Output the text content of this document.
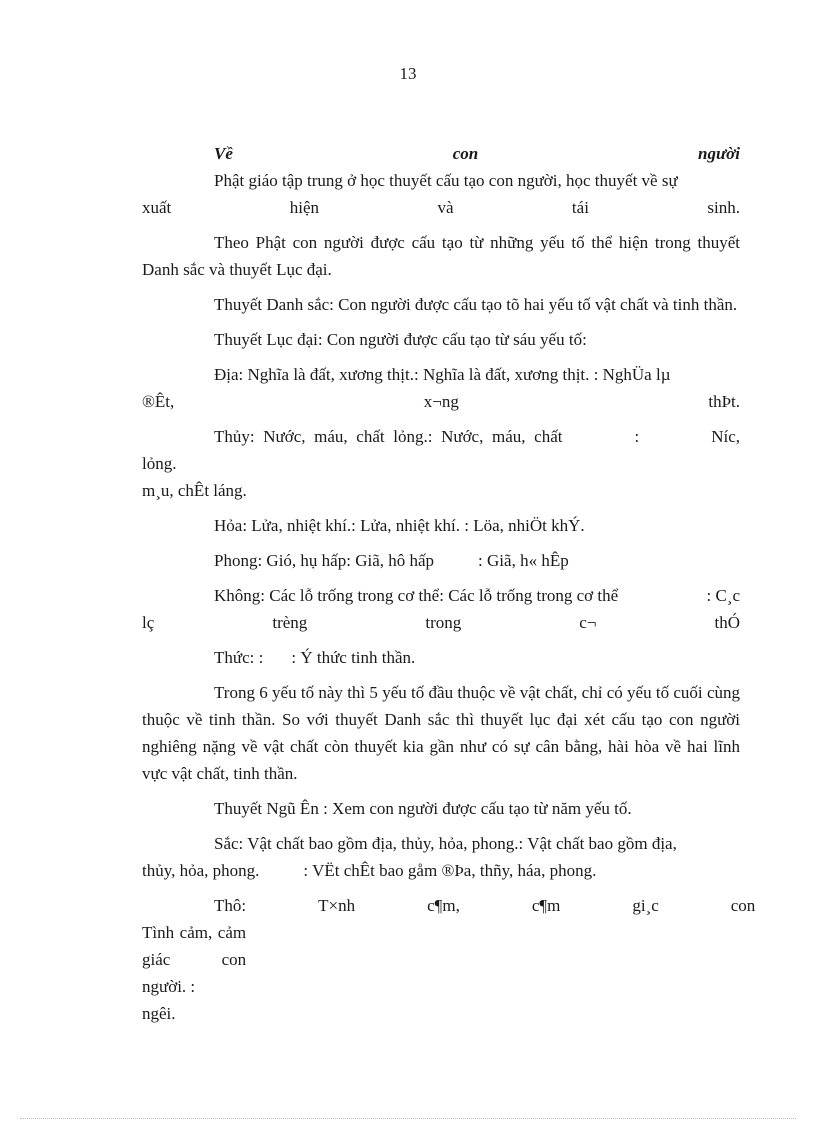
13
Về	con	người
Phật giáo tập trung ở học thuyết cấu tạo con người, học thuyết về sự
xuất	hiện	và	tái	sinh.

Theo Phật con người được cấu tạo từ những yếu tố thể hiện trong thuyết Danh sắc và thuyết Lục đại.

Thuyết Danh sắc: Con người được cấu tạo tõ hai yếu tố vật chất và tinh thần.

Thuyết Lục đại: Con người được cấu tạo từ sáu yếu tố:

Địa: Nghĩa là đất, xương thịt.: Nghĩa là đất, xương thịt. : NghÜa lµ
®Êt,	x¬ng	thÞt.
Thủy: Nước, máu, chất lỏng.: Nước, máu, chất lỏng.
:	Níc,
m¸u, chÊt láng.

Hỏa: Lửa, nhiệt khí.: Lửa, nhiệt khí. : Löa, nhiÖt khÝ.

Phong: Gió, hụ hấp: Giã, hô hấp	: Giã, h« hÊp

Không: Các lỗ trống trong cơ thể: Các lỗ trống trong cơ thể	: C¸c
lç	trèng	trong	c¬	thÓ

Thức: : : Ý thức tinh thần.

Trong 6 yếu tố này thì 5 yếu tố đầu thuộc về vật chất, chỉ có yếu tố cuối cùng thuộc về tinh thần. So với thuyết Danh sắc thì thuyết lục đại xét cấu tạo con người nghiêng nặng về vật chất còn thuyết kia gần như có sự cân bằng, hài hòa về hai lĩnh vực vật chất, tinh thần.

Thuyết Ngũ Ên : Xem con người được cấu tạo từ năm yếu tố.

Sắc: Vật chất bao gồm địa, thủy, hỏa, phong.: Vật chất bao gồm địa,
thủy, hỏa, phong.	: VËt chÊt bao gåm ®Þa, thñy, háa, phong.
Thô: Tình cảm, cảm giác con người. :
T×nh	c¶m,	c¶m	gi¸c	con
ngêi.
